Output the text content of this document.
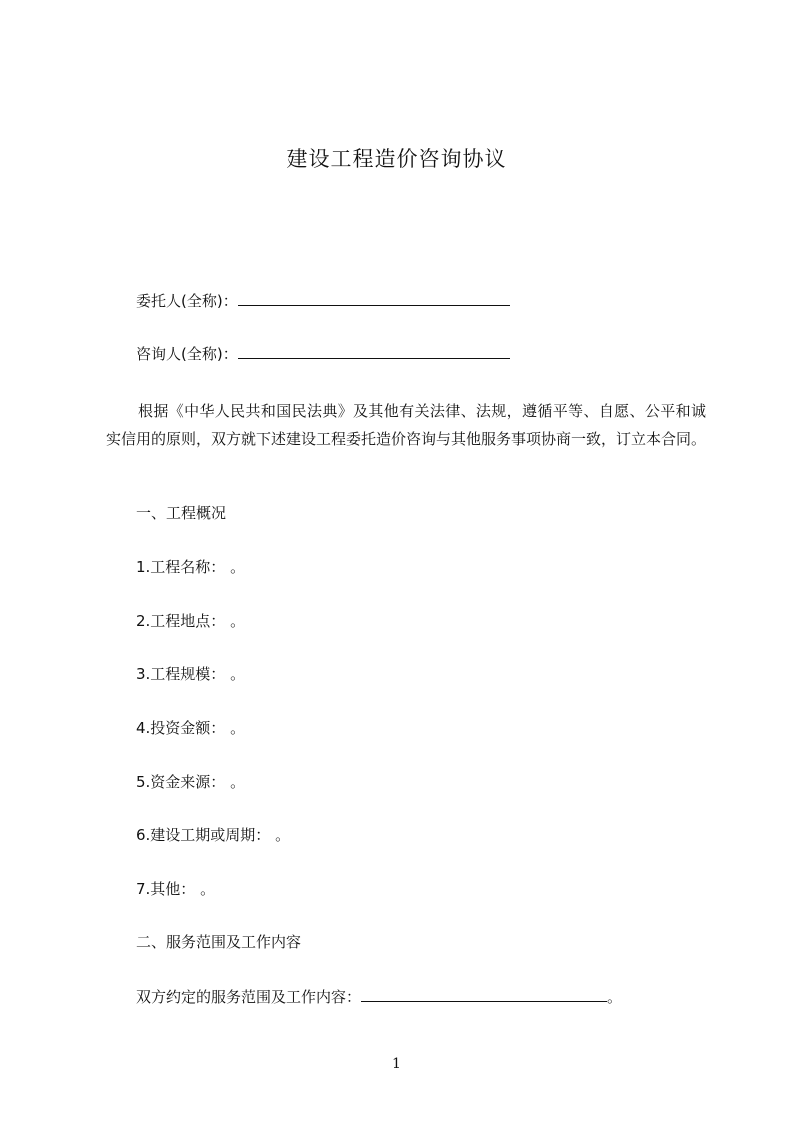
建设工程造价咨询协议
委托人(全称)：
咨询人(全称)：
根据《中华人民共和国民法典》及其他有关法律、法规，遵循平等、自愿、公平和诚实信用的原则，双方就下述建设工程委托造价咨询与其他服务事项协商一致，订立本合同。
一、工程概况
1.工程名称： 。
2.工程地点： 。
3.工程规模： 。
4.投资金额： 。
5.资金来源： 。
6.建设工期或周期： 。
7.其他： 。
二、服务范围及工作内容
双方约定的服务范围及工作内容：	。
1
